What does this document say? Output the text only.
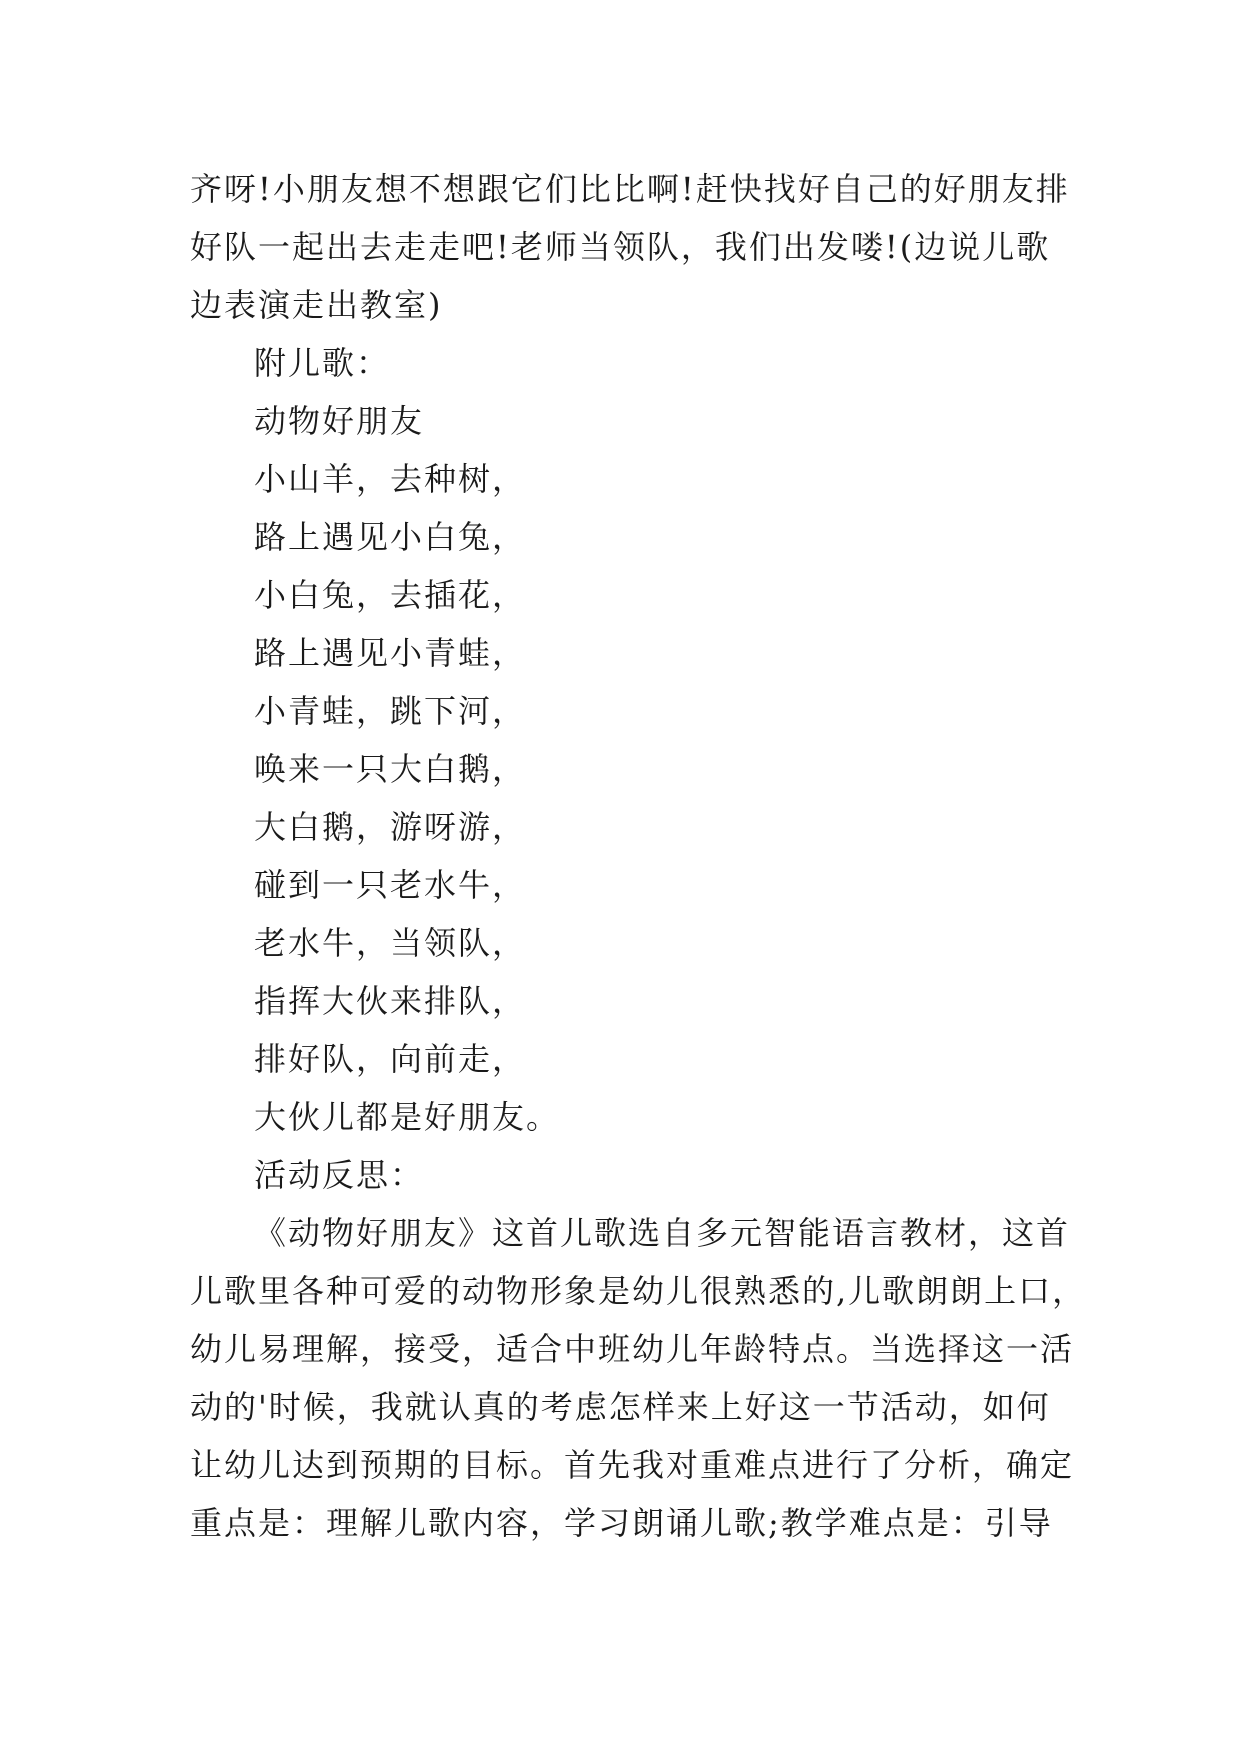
齐呀!小朋友想不想跟它们比比啊!赶快找好自己的好朋友排
好队一起出去走走吧!老师当领队，我们出发喽!(边说儿歌
边表演走出教室)
附儿歌：
动物好朋友
小山羊，去种树，
路上遇见小白兔，
小白兔，去插花，
路上遇见小青蛙，
小青蛙，跳下河，
唤来一只大白鹅，
大白鹅，游呀游，
碰到一只老水牛，
老水牛，当领队，
指挥大伙来排队，
排好队，向前走，
大伙儿都是好朋友。
活动反思：
《动物好朋友》这首儿歌选自多元智能语言教材，这首
儿歌里各种可爱的动物形象是幼儿很熟悉的,儿歌朗朗上口，
幼儿易理解，接受，适合中班幼儿年龄特点。当选择这一活
动的'时候，我就认真的考虑怎样来上好这一节活动，如何
让幼儿达到预期的目标。首先我对重难点进行了分析，确定
重点是：理解儿歌内容，学习朗诵儿歌;教学难点是：引导
